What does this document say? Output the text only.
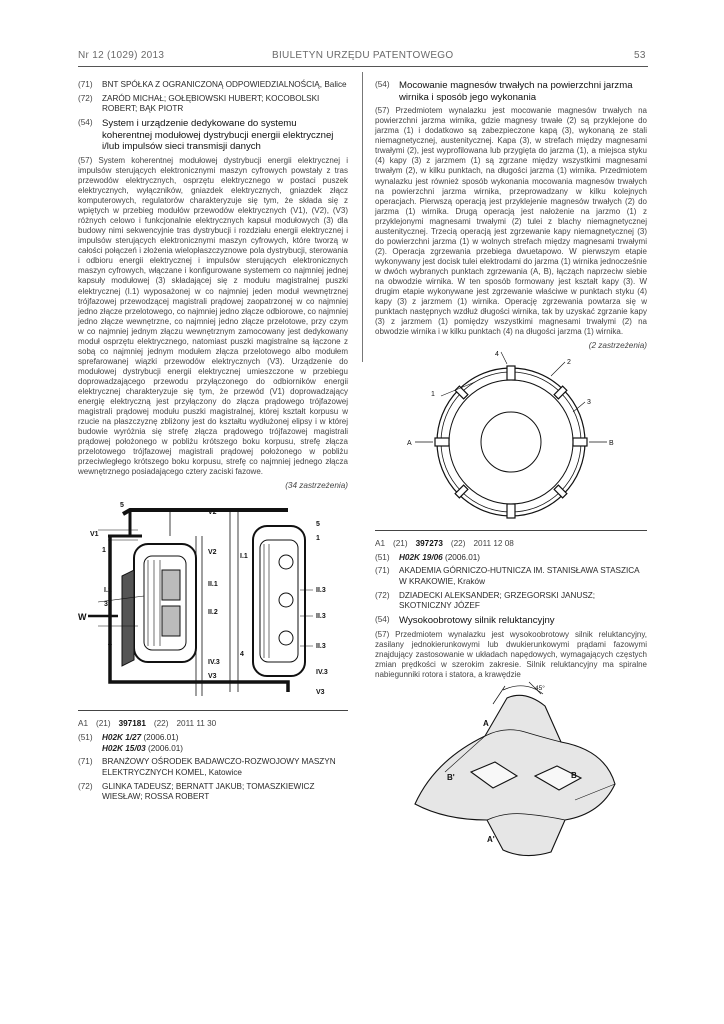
Nr 12 (1029) 2013	BIULETYN URZĘDU PATENTOWEGO	53
(71)	BNT SPÓŁKA Z OGRANICZONĄ ODPOWIEDZIALNOŚCIĄ, Balice
(72)	ZARÓD MICHAŁ; GOŁĘBIOWSKI HUBERT; KOCOBOLSKI ROBERT; BĄK PIOTR
(54) System i urządzenie dedykowane do systemu koherentnej modułowej dystrybucji energii elektrycznej i/lub impulsów sieci transmisji danych
(57) System koherentnej modułowej dystrybucji energii elektrycznej i impulsów sterujących elektronicznymi maszyn cyfrowych powstały z tras przewodów elektrycznych, osprzętu elektrycznego w postaci puszek elektrycznych, wyłączników, gniazdek elektrycznych, gniazdek złącz komputerowych, regulatorów charakteryzuje się tym, że składa się z wpiętych w przebieg modułów przewodów elektrycznych (V1), (V2), (V3) różnych celowo i funkcjonalnie elektrycznych kapsuł modułowych (3) dla budowy nimi sekwencyjnie tras dystrybucji i rozdziału energii elektrycznej i impulsów sterujących elektronicznymi maszyn cyfrowych, które tworzą w całości połączeń i złożenia wielopłaszczyznowe pola dystrybucji, sterowania i odbioru energii elektrycznej i impulsów sterujących elektronicznych maszyn cyfrowych, włączane i konfigurowane systemem co najmniej jednej kapsuły modułowej (3) składającej się z modułu magistralnej puszki elektrycznej (I.1) wyposażonej w co najmniej jeden moduł wewnętrznej trójfazowej przewodzącej magistrali prądowej zaopatrzonej w co najmniej jedno złącze przelotowego, co najmniej jedno złącze odbiorowe, co najmniej jedno złącze wewnętrzne, co najmniej jedno złącze przelotowe, przy czym w co najmniej jednym złączu wewnętrznym zamocowany jest dedykowany moduł osprzętu elektrycznego, natomiast puszki magistralne są łączone z sobą co najmniej jednym modułem złącza przelotowego albo modułem sprefarowanej wiązki przewodów elektrycznych (V3). Urządzenie do modułowej dystrybucji energii elektrycznej umieszczone w przebiegu doprowadzającego przewodu przyłączonego do odbiorników energii elektrycznej charakteryzuje się tym, że przewód (V1) doprowadzający energię elektryczną jest przyłączony do złącza prądowego trójfazowej magistrali prądowej modułu puszki magistralnej, której kształt korpusu w rzucie na płaszczyznę zbliżony jest do kształtu wydłużonej elipsy i w której budowie wyróżnia się strefę złącza prądowego trójfazowej magistrali prądowej położonego w pobliżu krótszego boku korpusu, strefę złącza przelotowego trójfazowej magistrali prądowej położonego w pobliżu przeciwległego krótszego boku korpusu, strefę co najmniej jednego złącza wewnętrznego posiadającego cztery zaciski fazowe.
(34 zastrzeżenia)
5
V2
V1
1	V2
I.1
II.1
II.2
3
W
4
IV.3
V3
5
1
I.1
II.3
II.3
II.3
4
IV.3
V3
A1 (21) 397181 (22) 2011 11 30
(51)	H02K 1/27 (2006.01)
H02K 15/03 (2006.01)
(71)	BRANŻOWY OŚRODEK BADAWCZO-ROZWOJOWY MASZYN ELEKTRYCZNYCH KOMEL, Katowice
(72)	GLINKA TADEUSZ; BERNATT JAKUB; TOMASZKIEWICZ WIESŁAW; ROSSA ROBERT
(54) Mocowanie magnesów trwałych na powierzchni jarzma wirnika i sposób jego wykonania
(57) Przedmiotem wynalazku jest mocowanie magnesów trwałych na powierzchni jarzma wirnika, gdzie magnesy trwałe (2) są przyklejone do jarzma (1) i dodatkowo są zabezpieczone kapą (3), wykonaną ze stali niemagnetycznej, austenitycznej. Kapa (3), w strefach między magnesami trwałymi (2), jest wyprofilowana lub przygięta do jarzma (1), a miejsca styku (4) kapy (3) z jarzmem (1) są zgrzane między wszystkimi magnesami trwałym (2), w kilku punktach, na długości jarzma (1) wirnika. Przedmiotem wynalazku jest również sposób wykonania mocowania magnesów trwałych na powierzchni jarzma wirnika, przeprowadzany w kilku kolejnych operacjach. Pierwszą operacją jest przyklejenie magnesów trwałych (2) do jarzma (1) wirnika. Drugą operacją jest nałożenie na jarzmo (1) z przyklejonymi magnesami trwałymi (2) tulei z blachy niemagnetycznej austenitycznej. Trzecią operacją jest zgrzewanie kapy niemagnetycznej (3) do powierzchni jarzma (1) w wolnych strefach między magnesami trwałymi (2). Operacja zgrzewania przebiega dwuetapowo. W pierwszym etapie wykonywany jest docisk tulei elektrodami do jarzma (1) wirnika jednocześnie w dwóch wybranych punktach zgrzewania (A, B), łącząch naprzeciw siebie na obwodzie wirnika. W ten sposób formowany jest kształt kapy (3). W drugim etapie wykonywane jest zgrzewanie właściwe w punktach styku (4) kapy (3) z jarzmem (1) wirnika. Operację zgrzewania powtarza się w punktach następnych wzdłuż długości wirnika, tak by uzyskać zgrzanie kapy (3) z jarzmem (1) pomiędzy wszystkimi magnesami trwałymi (2) na obwodzie wirnika i w kilku punktach (4) na długości jarzma (1) wirnika.
(2 zastrzeżenia)
1
4
2
3
A	B
A1 (21) 397273 (22) 2011 12 08
(51)	H02K 19/06 (2006.01)
(71)	AKADEMIA GÓRNICZO-HUTNICZA IM. STANISŁAWA STASZICA W KRAKOWIE, Kraków
(72)	DZIADECKI ALEKSANDER; GRZEGORSKI JANUSZ; SKOTNICZNY JÓZEF
(54) Wysokoobrotowy silnik reluktancyjny
(57) Przedmiotem wynalazku jest wysokoobrotowy silnik reluktancyjny, zasilany jednokierunkowymi lub dwukierunkowymi prądami fazowymi znajdujący zastosowanie w układach napędowych, wymagających częstych zmian prędkości w szerokim zakresie. Silnik reluktancyjny ma spiralne nabiegunniki rotora i statora, a krawędzie
45°
A
B
B'
A'
